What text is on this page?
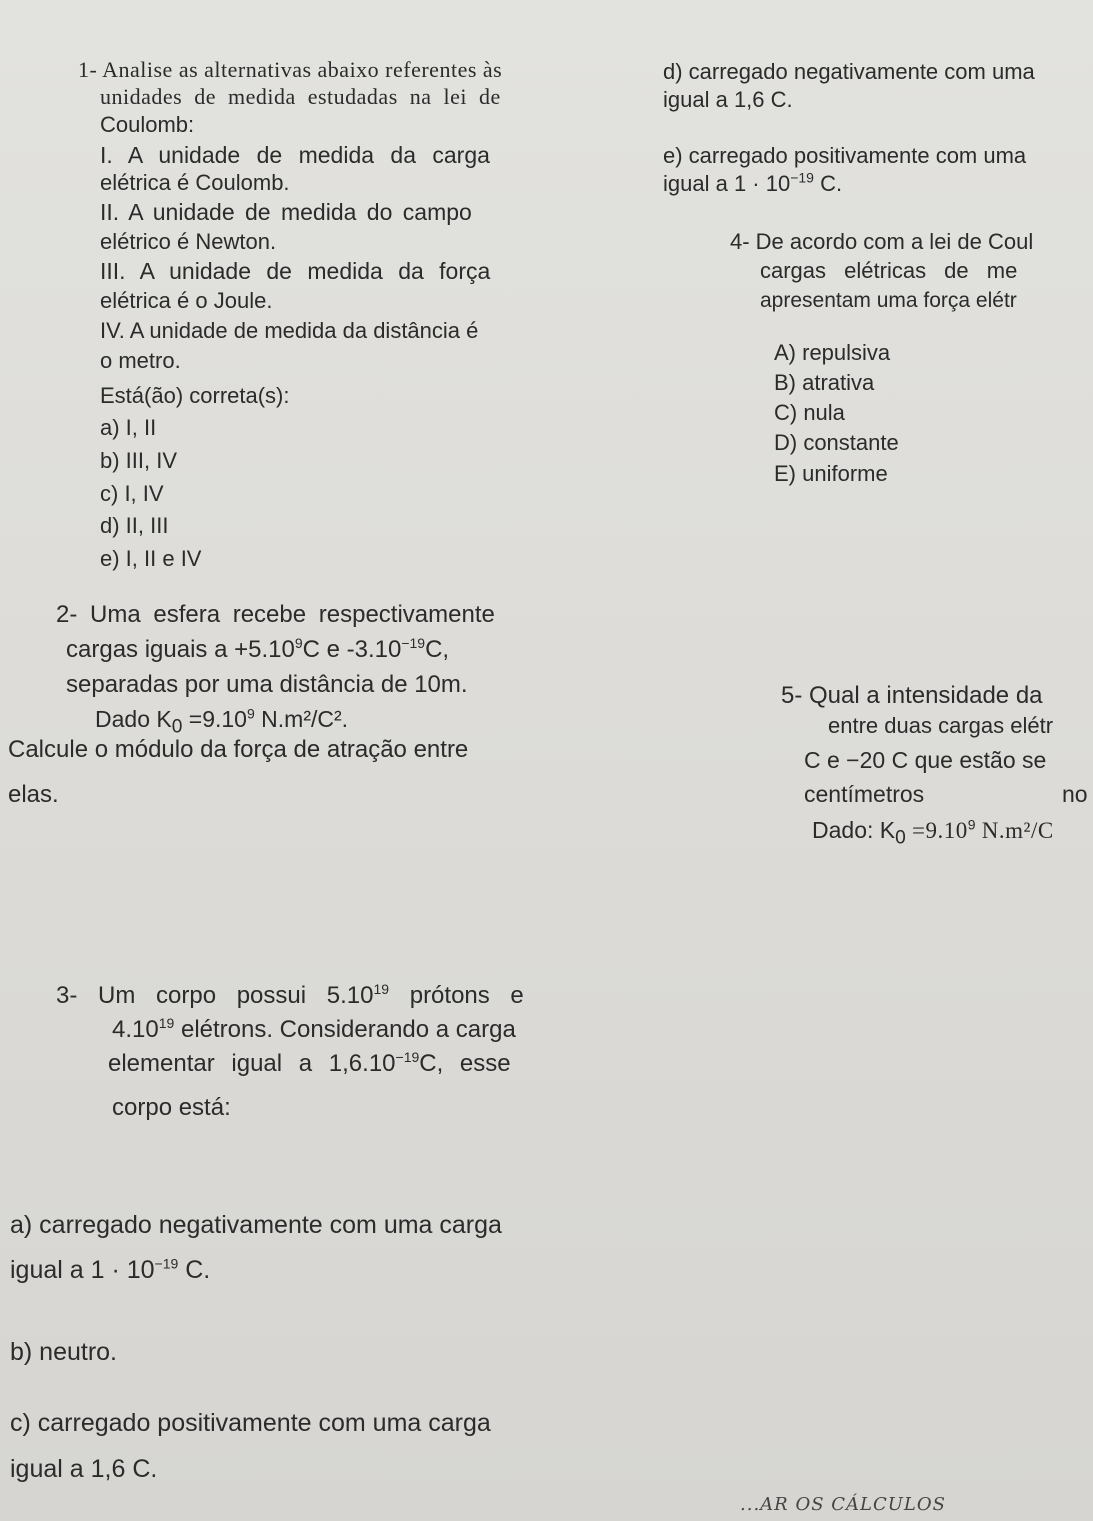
1- Analise as alternativas abaixo referentes às
unidades de medida estudadas na lei de
Coulomb:
I. A unidade de medida da carga
elétrica é Coulomb.
II. A unidade de medida do campo
elétrico é Newton.
III. A unidade de medida da força
elétrica é o Joule.
IV. A unidade de medida da distância é
o metro.
Está(ão) correta(s):
a) I, II
b) III, IV
c) I, IV
d) II, III
e) I, II e IV
d) carregado negativamente com uma
igual a 1,6 C.
e) carregado positivamente com uma
igual a $1 \cdot 10^{-19}$ C.
4- De acordo com a lei de Coul
cargas elétricas de me
apresentam uma força elétr
A) repulsiva
B) atrativa
C) nula
D) constante
E) uniforme
2- Uma esfera recebe respectivamente
cargas iguais $a +5.10^9C$ e $-3.10^{-19}C$,
separadas por uma distância de 10m.
Dado $K_0 =9.10^9$ N.m²/C².
Calcule o módulo da força de atração entre
elas.
5- Qual a intensidade da
entre duas cargas elétr
C e −20 C que estão se
centímetros	no
Dado: $K_0 =9.10^9$ N.m²/C
3- Um corpo possui 5.10$^{19}$ prótons e
4.10$^{19}$ elétrons. Considerando a carga
elementar igual a $1,6.10^{-19}C$, esse
corpo está:
a) carregado negativamente com uma carga
igual a $1 \cdot 10^{-19}$ C.
b) neutro.
c) carregado positivamente com uma carga
igual a 1,6 C.
...AR OS CÁLCULOS
